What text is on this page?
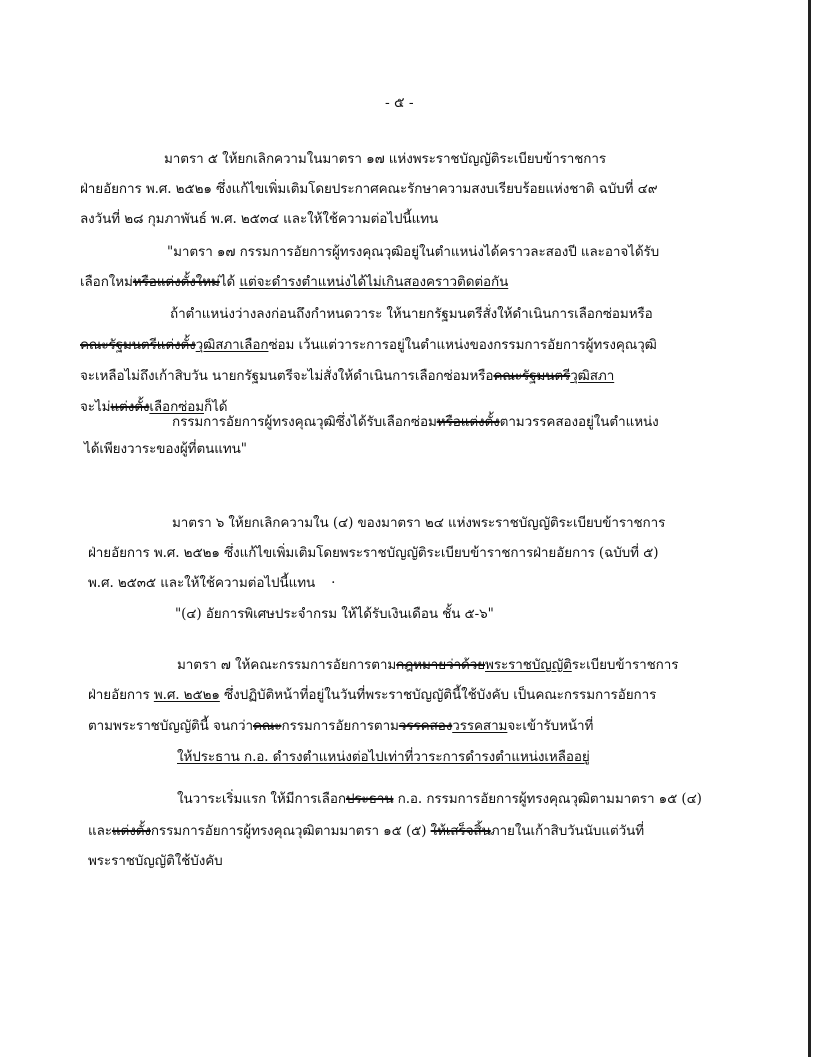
- ๕ -
มาตรา ๕ ให้ยกเลิกความในมาตรา ๑๗ แห่งพระราชบัญญัติระเบียบข้าราชการ
ฝ่ายอัยการ พ.ศ. ๒๕๒๑ ซึ่งแก้ไขเพิ่มเติมโดยประกาศคณะรักษาความสงบเรียบร้อยแห่งชาติ ฉบับที่ ๔๙
ลงวันที่ ๒๘ กุมภาพันธ์ พ.ศ. ๒๕๓๔ และให้ใช้ความต่อไปนี้แทน
"มาตรา ๑๗ กรรมการอัยการผู้ทรงคุณวุฒิอยู่ในตำแหน่งได้คราวละสองปี และอาจได้รับ
เลือกใหม่หรือแต่งตั้งใหม่ได้ แต่จะดำรงตำแหน่งได้ไม่เกินสองคราวติดต่อกัน
ถ้าตำแหน่งว่างลงก่อนถึงกำหนดวาระ ให้นายกรัฐมนตรีสั่งให้ดำเนินการเลือกซ่อมหรือ
คณะรัฐมนตรีแต่งตั้งวุฒิสภาเลือกซ่อม เว้นแต่วาระการอยู่ในตำแหน่งของกรรมการอัยการผู้ทรงคุณวุฒิ
จะเหลือไม่ถึงเก้าสิบวัน นายกรัฐมนตรีจะไม่สั่งให้ดำเนินการเลือกซ่อมหรือคณะรัฐมนตรีวุฒิสภา
จะไม่แต่งตั้งเลือกซ่อมก็ได้
กรรมการอัยการผู้ทรงคุณวุฒิซึ่งได้รับเลือกซ่อมหรือแต่งตั้งตามวรรคสองอยู่ในตำแหน่ง
ได้เพียงวาระของผู้ที่ตนแทน"
มาตรา ๖ ให้ยกเลิกความใน (๔) ของมาตรา ๒๔ แห่งพระราชบัญญัติระเบียบข้าราชการ
ฝ่ายอัยการ พ.ศ. ๒๕๒๑ ซึ่งแก้ไขเพิ่มเติมโดยพระราชบัญญัติระเบียบข้าราชการฝ่ายอัยการ (ฉบับที่ ๕)
พ.ศ. ๒๕๓๕ และให้ใช้ความต่อไปนี้แทน ·
"(๔) อัยการพิเศษประจำกรม ให้ได้รับเงินเดือน ชั้น ๕-๖"
มาตรา ๗ ให้คณะกรรมการอัยการตามกฎหมายว่าด้วยพระราชบัญญัติระเบียบข้าราชการ
ฝ่ายอัยการ พ.ศ. ๒๕๒๑ ซึ่งปฏิบัติหน้าที่อยู่ในวันที่พระราชบัญญัตินี้ใช้บังคับ เป็นคณะกรรมการอัยการ
ตามพระราชบัญญัตินี้ จนกว่าคณะกรรมการอัยการตามวรรคสองวรรคสามจะเข้ารับหน้าที่
ให้ประธาน ก.อ. ดำรงตำแหน่งต่อไปเท่าที่วาระการดำรงตำแหน่งเหลืออยู่
ในวาระเริ่มแรก ให้มีการเลือกประธาน ก.อ. กรรมการอัยการผู้ทรงคุณวุฒิตามมาตรา ๑๕ (๔)
และแต่งตั้งกรรมการอัยการผู้ทรงคุณวุฒิตามมาตรา ๑๕ (๕) ให้เสร็จสิ้นภายในเก้าสิบวันนับแต่วันที่
พระราชบัญญัติใช้บังคับ
